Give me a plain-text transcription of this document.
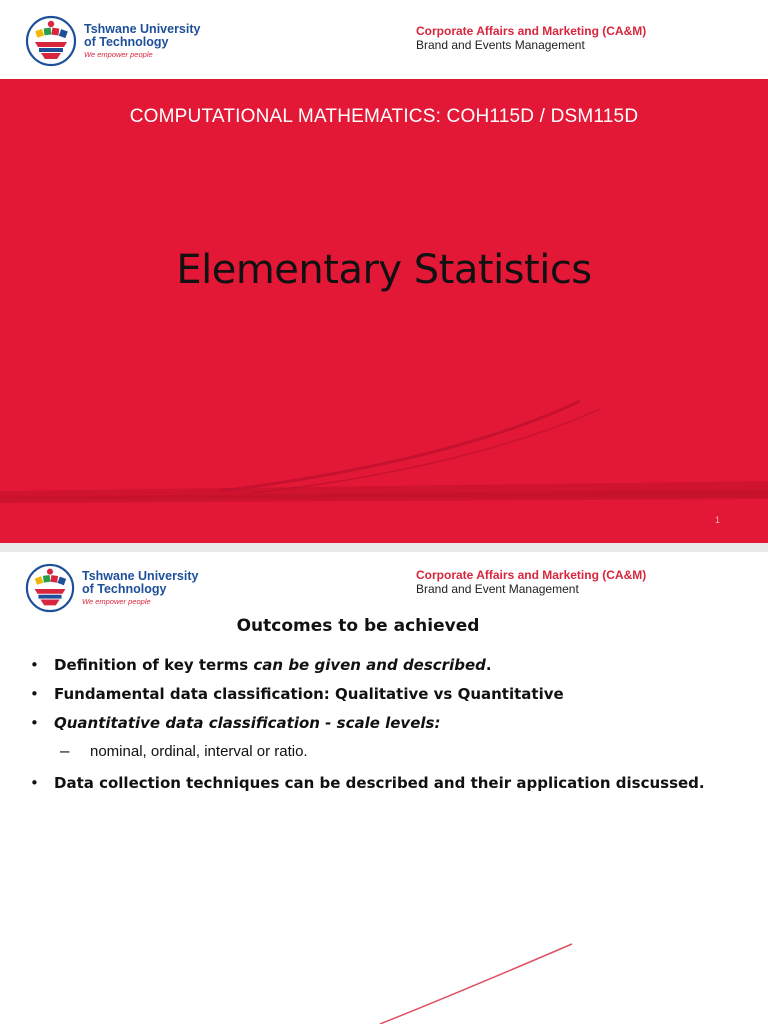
Tshwane University
of Technology
We empower people
Corporate Affairs and Marketing (CA&M)
Brand and Events Management
COMPUTATIONAL MATHEMATICS: COH115D / DSM115D
Elementary Statistics
1
Tshwane University
of Technology
We empower people
Corporate Affairs and Marketing (CA&M)
Brand and Event Management
Outcomes to be achieved
• Definition of key terms can be given and described.
• Fundamental data classification: Qualitative vs Quantitative
• Quantitative data classification - scale levels:
– nominal, ordinal, interval or ratio.
• Data collection techniques can be described and their application discussed.
